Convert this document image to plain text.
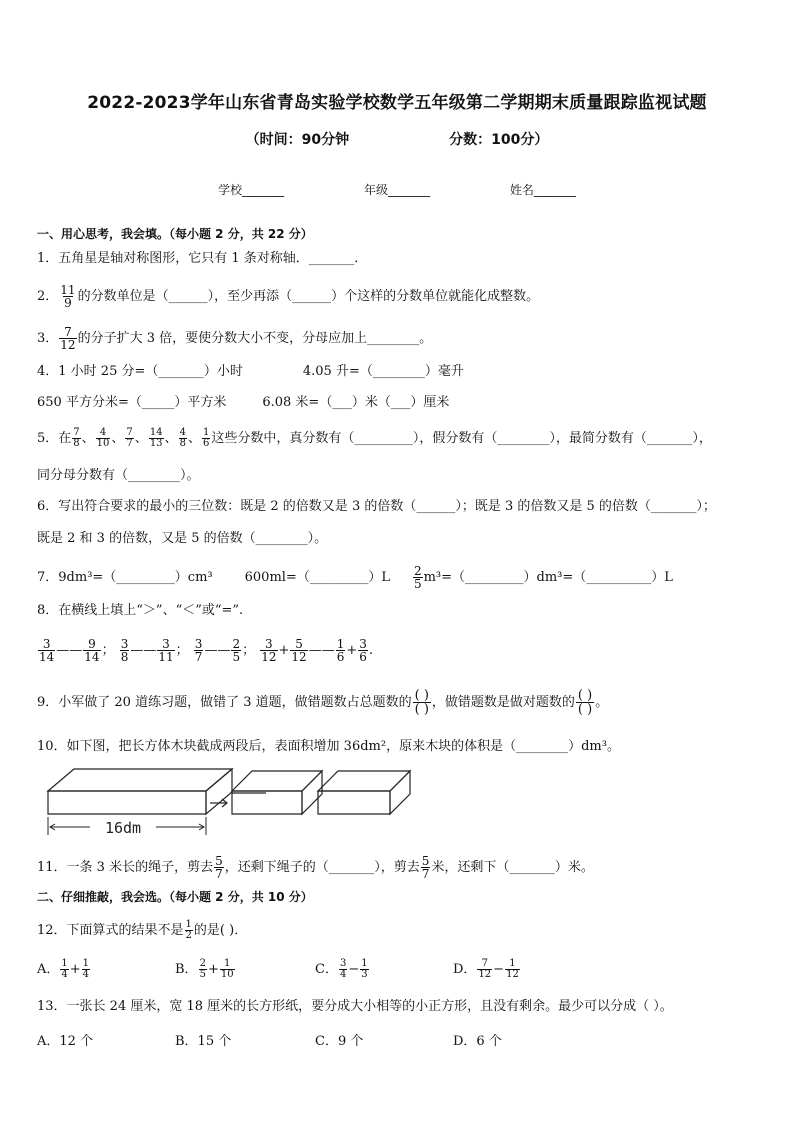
2022-2023学年山东省青岛实验学校数学五年级第二学期期末质量跟踪监视试题
（时间：90分钟	分数：100分）
学校_______	年级_______	姓名_______
一、用心思考，我会填。（每小题 2 分，共 22 分）
1．五角星是轴对称图形，它只有 1 条对称轴．_______．
2． $\frac{11}{9}$ 的分数单位是（______），至少再添（______）个这样的分数单位就能化成整数。
3． $\frac{7}{12}$ 的分子扩大 3 倍，要使分数大小不变，分母应加上________。
4．1 小时 25 分=（_______）小时	4.05 升=（________）毫升
650 平方分米=（_____）平方米	6.08 米=（___）米（___）厘米
5．在 $\frac{7}{8}$ 、 $\frac{4}{10}$ 、 $\frac{7}{7}$ 、 $\frac{14}{13}$ 、 $\frac{4}{8}$ 、 $\frac{1}{6}$ 这些分数中，真分数有（_________），假分数有（________），最简分数有（_______），
同分母分数有（________）。
6．写出符合要求的最小的三位数：既是 2 的倍数又是 3 的倍数（______）；既是 3 的倍数又是 5 的倍数（_______）；
既是 2 和 3 的倍数，又是 5 的倍数（________）。
7．9dm³=（_________）cm³ 600ml=（_________）L $\frac{2}{5}$ m³=（_________）dm³=（__________）L
8．在横线上填上“＞”、“＜”或“=”.
$\frac{3}{14}$ —— $\frac{9}{14}$ ； $\frac{3}{8}$ —— $\frac{3}{11}$ ； $\frac{3}{7}$ —— $\frac{2}{5}$ ； $\frac{3}{12} + \frac{5}{12}$ —— $\frac{1}{6} + \frac{3}{6}$ .
9．小军做了 20 道练习题，做错了 3 道题，做错题数占总题数的 $\frac{( )}{( )}$ ，做错题数是做对题数的 $\frac{( )}{( )}$ 。
10．如下图，把长方体木块截成两段后，表面积增加 36dm²，原来木块的体积是（________）dm³。
16dm
11．一条 3 米长的绳子，剪去 $\frac{5}{7}$ ，还剩下绳子的（_______），剪去 $\frac{5}{7}$ 米，还剩下（_______）米。
二、仔细推敲，我会选。（每小题 2 分，共 10 分）
12．下面算式的结果不是 $\frac{1}{2}$ 的是( )．
A． $\frac{1}{4} + \frac{1}{4}$	B． $\frac{2}{5} + \frac{1}{10}$	C． $\frac{3}{4} - \frac{1}{3}$	D． $\frac{7}{12} - \frac{1}{12}$
13．一张长 24 厘米，宽 18 厘米的长方形纸，要分成大小相等的小正方形，且没有剩余。最少可以分成（ ）。
A．12 个	B．15 个	C．9 个	D．6 个
